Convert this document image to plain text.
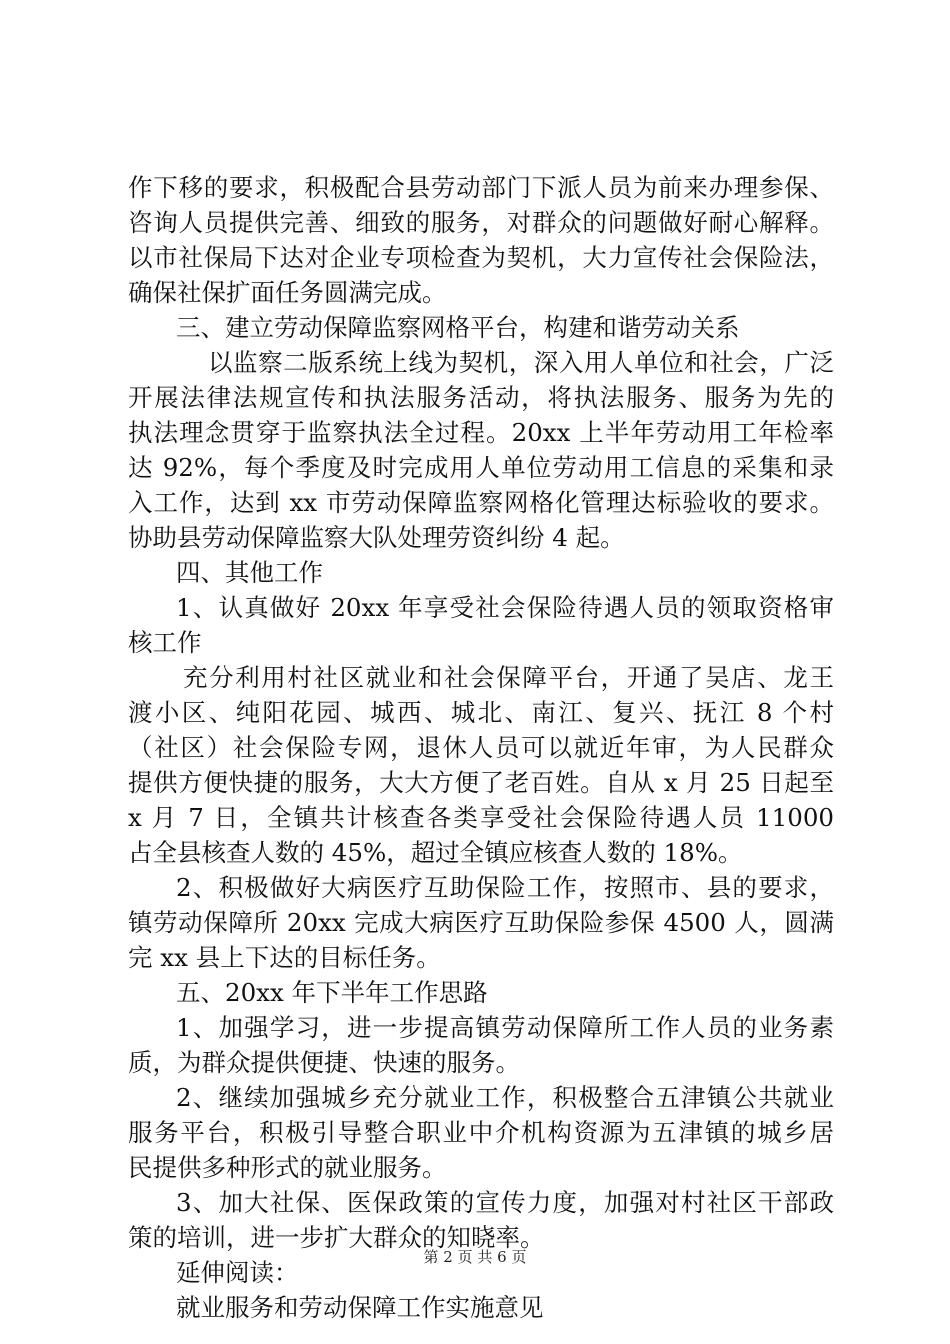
作下移的要求，积极配合县劳动部门下派人员为前来办理参保、
咨询人员提供完善、细致的服务，对群众的问题做好耐心解释。
以市社保局下达对企业专项检查为契机，大力宣传社会保险法，
确保社保扩面任务圆满完成。
三、建立劳动保障监察网格平台，构建和谐劳动关系
以监察二版系统上线为契机，深入用人单位和社会，广泛
开展法律法规宣传和执法服务活动，将执法服务、服务为先的
执法理念贯穿于监察执法全过程。20xx 上半年劳动用工年检率
达 92%，每个季度及时完成用人单位劳动用工信息的采集和录
入工作，达到 xx 市劳动保障监察网格化管理达标验收的要求。
协助县劳动保障监察大队处理劳资纠纷 4 起。
四、其他工作
1、认真做好 20xx 年享受社会保险待遇人员的领取资格审
核工作
充分利用村社区就业和社会保障平台，开通了吴店、龙王
渡小区、纯阳花园、城西、城北、南江、复兴、抚江 8 个村
（社区）社会保险专网，退休人员可以就近年审，为人民群众
提供方便快捷的服务，大大方便了老百姓。自从 x 月 25 日起至
x 月 7 日，全镇共计核查各类享受社会保险待遇人员 11000
占全县核查人数的 45%，超过全镇应核查人数的 18%。
2、积极做好大病医疗互助保险工作，按照市、县的要求，
镇劳动保障所 20xx 完成大病医疗互助保险参保 4500 人，圆满
完 xx 县上下达的目标任务。
五、20xx 年下半年工作思路
1、加强学习，进一步提高镇劳动保障所工作人员的业务素
质，为群众提供便捷、快速的服务。
2、继续加强城乡充分就业工作，积极整合五津镇公共就业
服务平台，积极引导整合职业中介机构资源为五津镇的城乡居
民提供多种形式的就业服务。
3、加大社保、医保政策的宣传力度，加强对村社区干部政
策的培训，进一步扩大群众的知晓率。
延伸阅读：
就业服务和劳动保障工作实施意见
第 2 页 共 6 页
